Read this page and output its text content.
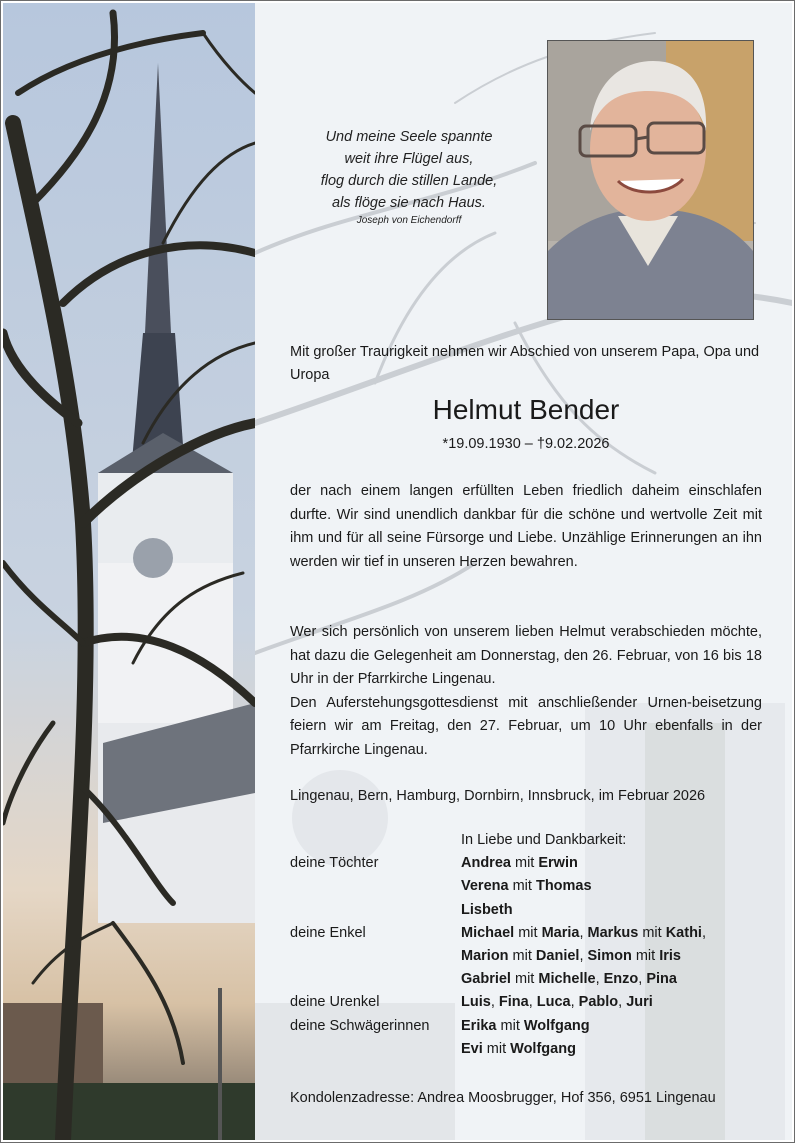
Und meine Seele spannte
weit ihre Flügel aus,
flog durch die stillen Lande,
als flöge sie nach Haus.
Joseph von Eichendorff
Mit großer Traurigkeit nehmen wir Abschied von unserem Papa, Opa und Uropa
Helmut Bender
*19.09.1930 – †9.02.2026
der nach einem langen erfüllten Leben friedlich daheim einschlafen durfte. Wir sind unendlich dankbar für die schöne und wertvolle Zeit mit ihm und für all seine Fürsorge und Liebe. Unzählige Erinnerungen an ihn werden wir tief in unseren Herzen bewahren.
Wer sich persönlich von unserem lieben Helmut verabschieden möchte, hat dazu die Gelegenheit am Donnerstag, den 26. Februar, von 16 bis 18 Uhr in der Pfarrkirche Lingenau.
Den Auferstehungsgottesdienst mit anschließender Urnen-beisetzung feiern wir am Freitag, den 27. Februar, um 10 Uhr ebenfalls in der Pfarrkirche Lingenau.
Lingenau, Bern, Hamburg, Dornbirn, Innsbruck, im Februar 2026
In Liebe und Dankbarkeit:
deine Töchter	Andrea mit Erwin
Verena mit Thomas
Lisbeth
deine Enkel	Michael mit Maria, Markus mit Kathi,
Marion mit Daniel, Simon mit Iris
Gabriel mit Michelle, Enzo, Pina
deine Urenkel	Luis, Fina, Luca, Pablo, Juri
deine Schwägerinnen	Erika mit Wolfgang
Evi mit Wolfgang
Kondolenzadresse: Andrea Moosbrugger, Hof 356, 6951 Lingenau
